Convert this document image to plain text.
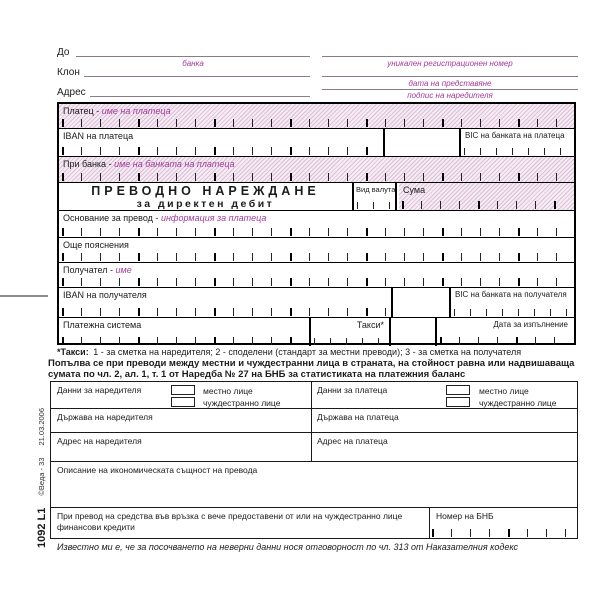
1092 L1
©Веда - 33
21.03.2006
До
банка
Клон
Адрес
уникален регистрационен номер
дата на представяне
подпис на наредителя
Платец - име на платеца
IBAN на платеца	BIC на банката на платеца
При банка - име на банката на платеца
ПРЕВОДНО НАРЕЖДАНЕ
за директен дебит
Вид валута Сума
Основание за превод - информация за платеца
Още пояснения
Получател - име
IBAN на получателя	BIC на банката на получателя
Платежна система	Такси*	Дата за изпълнение
*Такси: 1 - за сметка на наредителя; 2 - споделени (стандарт за местни преводи); 3 - за сметка на получателя
Попълва се при преводи между местни и чуждестранни лица в страната, на стойност равна или надвишаваща сумата по чл. 2, ал. 1, т. 1 от Наредба № 27 на БНБ за статистиката на платежния баланс
Данни за наредителя	местно лице
чуждестранно лице
Данни за платеца	местно лице
чуждестранно лице
Държава на наредителя	Държава на платеца
Адрес на наредителя	Адрес на платеца
Описание на икономическата същност на превода
При превод на средства във връзка с вече предоставени от или на чуждестранно лице финансови кредити
Номер на БНБ
Известно ми е, че за посочването на неверни данни нося отговорност по чл. 313 от Наказателния кодекс
